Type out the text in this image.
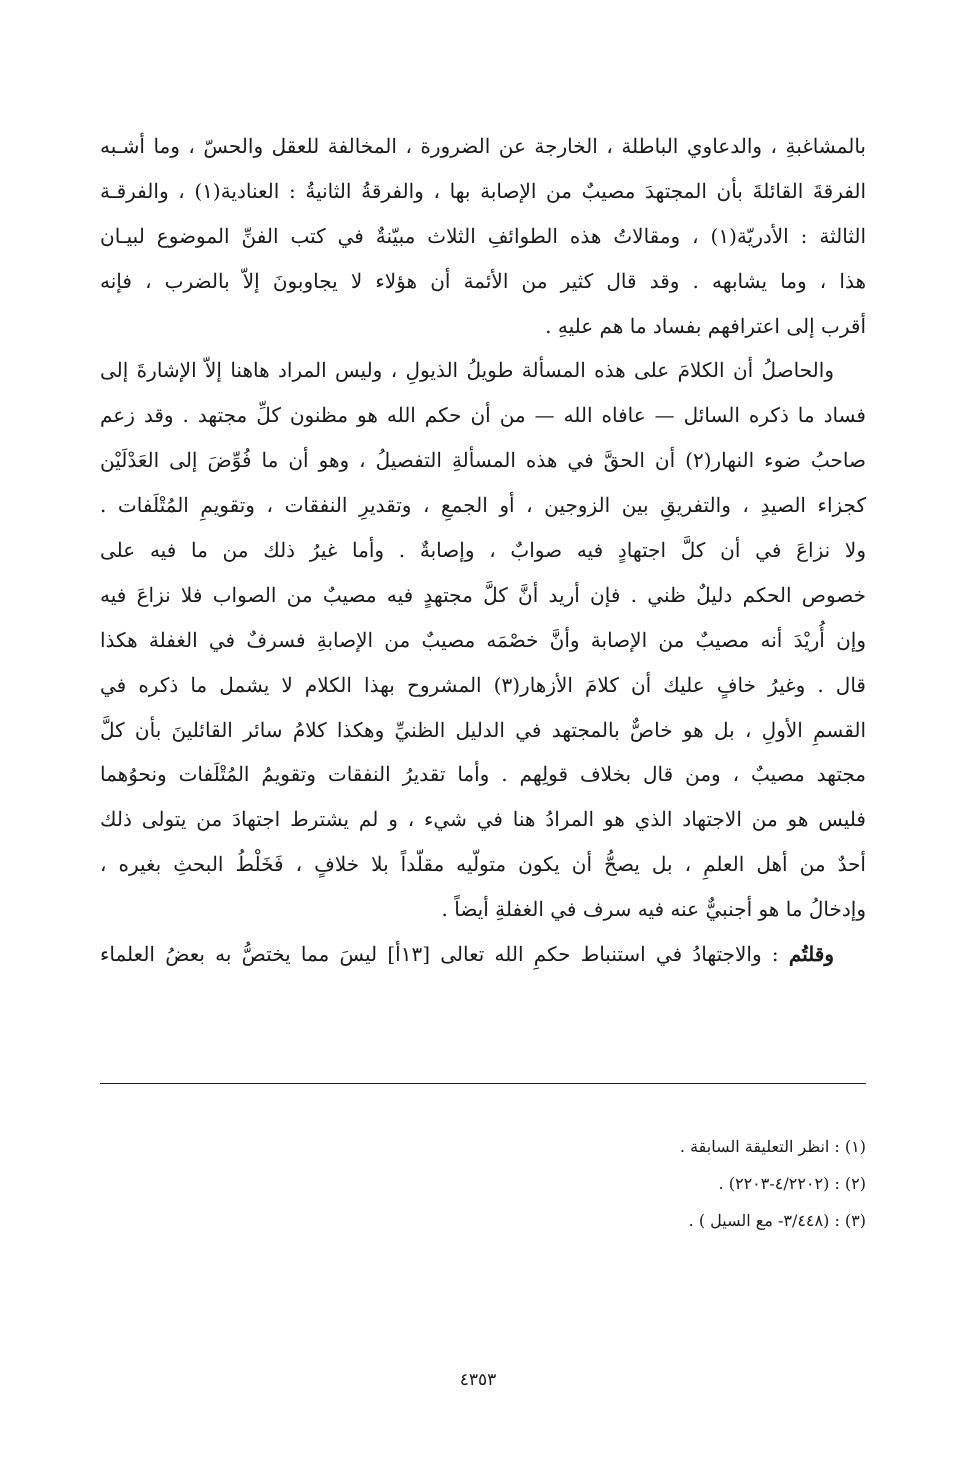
بالمشاغبةِ ، والدعاوي الباطلة ، الخارجة عن الضرورة ، المخالفة للعقل والحسّ ، وما أشـبه
الفرقةَ القائلةَ بأن المجتهدَ مصيبٌ من الإصابة بها ، والفرقةُ الثانيةُ : العنادية(١) ، والفرقـة
الثالثة : الأدريّة(١) ، ومقالاتُ هذه الطوائفِ الثلاث مبيّنةٌ في كتب الفنِّ الموضوع لبيـان
هذا ، وما يشابهه . وقد قال كثير من الأئمة أن هؤلاء لا يجاوبونَ إلاّ بالضرب ، فإنه
أقرب إلى اعترافهم بفساد ما هم عليهِ .
والحاصلُ أن الكلامَ على هذه المسألة طويلُ الذيولِ ، وليس المراد هاهنا إلاّ الإشارةَ إلى
فساد ما ذكره السائل — عافاه الله — من أن حكم الله هو مظنون كلِّ مجتهد . وقد زعم
صاحبُ ضوء النهار(٢) أن الحقَّ في هذه المسألةِ التفصيلُ ، وهو أن ما فُوِّضَ إلى العَدْلَيْن
كجزاء الصيدِ ، والتفريقِ بين الزوجين ، أو الجمعِ ، وتقديرِ النفقات ، وتقويمِ المُتْلَفات .
ولا نزاعَ في أن كلَّ اجتهادٍ فيه صوابٌ ، وإصابةٌ . وأما غيرُ ذلك من ما فيه على
خصوص الحكم دليلٌ ظني . فإن أريد أنَّ كلَّ مجتهدٍ فيه مصيبٌ من الصواب فلا نزاعَ فيه
وإن أُريْدَ أنه مصيبٌ من الإصابة وأنَّ خصْمَه مصيبٌ من الإصابةِ فسرفٌ في الغفلة هكذا
قال . وغيرُ خافٍ عليك أن كلامَ الأزهار(٣) المشروح بهذا الكلام لا يشمل ما ذكره في
القسمِ الأولِ ، بل هو خاصٌّ بالمجتهد في الدليل الظنيِّ وهكذا كلامُ سائر القائلينَ بأن كلَّ
مجتهد مصيبٌ ، ومن قال بخلاف قولِهم . وأما تقديرُ النفقات وتقويمُ المُتْلَفات ونحوُهما
فليس هو من الاجتهاد الذي هو المرادُ هنا في شيء ، و لم يشترط اجتهادَ من يتولى ذلك
أحدٌ من أهل العلمِ ، بل يصحُّ أن يكون متولّيه مقلّداً بلا خلافٍ ، فَخَلْطُ البحثِ بغيره ،
وإدخالُ ما هو أجنبيٌّ عنه فيه سرف في الغفلةِ أيضاً .
وقلتُم : والاجتهادُ في استنباط حكمِ الله تعالى [١٣أ] ليسَ مما يختصُّ به بعضُ العلماء
(١) : انظر التعليقة السابقة .
(٢) : (٤/٢٢٠٢-٢٢٠٣) .
(٣) : (٣/٤٤٨- مع السيل ) .
٤٣٥٣
